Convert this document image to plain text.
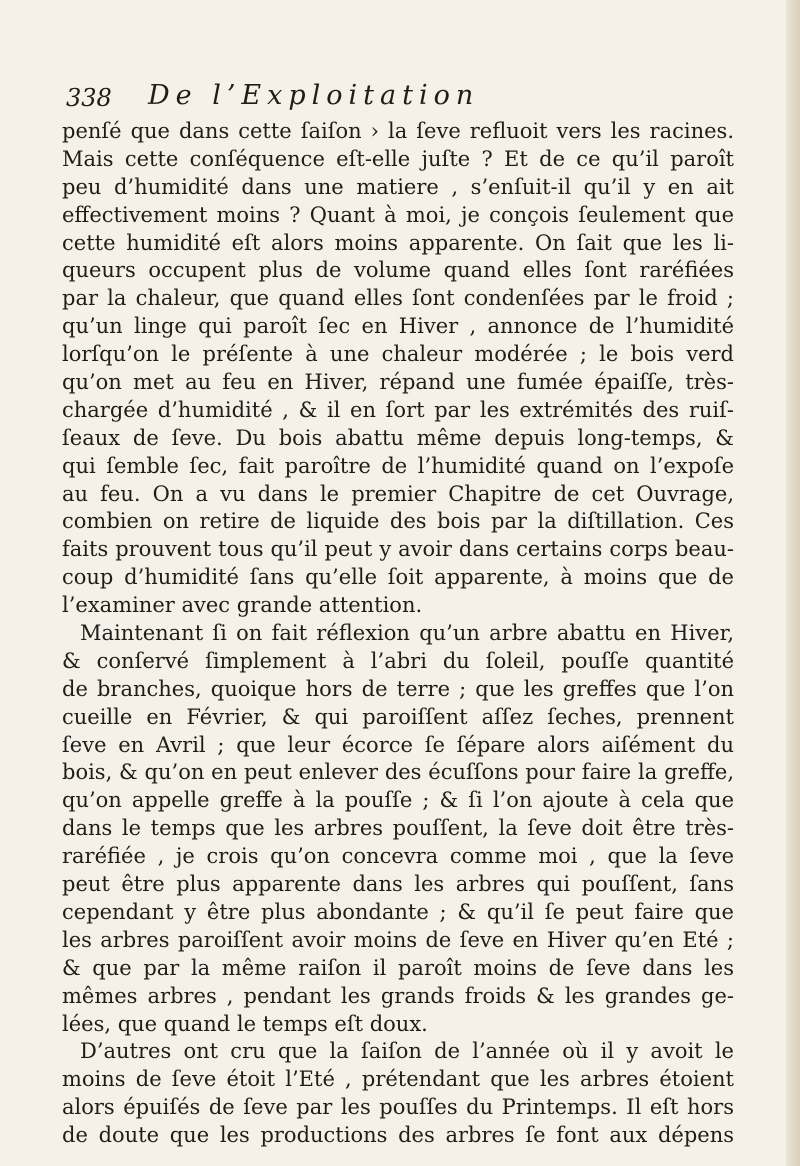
338 De l’Exploitation
penſé que dans cette ſaiſon › la ſeve refluoit vers les racines.
Mais cette conſéquence eſt-elle juſte ? Et de ce qu’il paroît
peu d’humidité dans une matiere , s’enſuit-il qu’il y en ait
effectivement moins ? Quant à moi, je conçois ſeulement que
cette humidité eſt alors moins apparente. On ſait que les li-
queurs occupent plus de volume quand elles ſont raréfiées
par la chaleur, que quand elles ſont condenſées par le froid ;
qu’un linge qui paroît ſec en Hiver , annonce de l’humidité
lorſqu’on le préſente à une chaleur modérée ; le bois verd
qu’on met au feu en Hiver, répand une fumée épaiſſe, très-
chargée d’humidité , & il en ſort par les extrémités des ruiſ-
ſeaux de ſeve. Du bois abattu même depuis long-temps, &
qui ſemble ſec, fait paroître de l’humidité quand on l’expoſe
au feu. On a vu dans le premier Chapitre de cet Ouvrage,
combien on retire de liquide des bois par la diſtillation. Ces
faits prouvent tous qu’il peut y avoir dans certains corps beau-
coup d’humidité ſans qu’elle ſoit apparente, à moins que de
l’examiner avec grande attention.
Maintenant ſi on fait réflexion qu’un arbre abattu en Hiver,
& conſervé ſimplement à l’abri du ſoleil, pouſſe quantité
de branches, quoique hors de terre ; que les greffes que l’on
cueille en Février, & qui paroiſſent aſſez ſeches, prennent
ſeve en Avril ; que leur écorce ſe ſépare alors aiſément du
bois, & qu’on en peut enlever des écuſſons pour faire la greffe,
qu’on appelle greffe à la pouſſe ; & ſi l’on ajoute à cela que
dans le temps que les arbres pouſſent, la ſeve doit être très-
raréfiée , je crois qu’on concevra comme moi , que la ſeve
peut être plus apparente dans les arbres qui pouſſent, ſans
cependant y être plus abondante ; & qu’il ſe peut faire que
les arbres paroiſſent avoir moins de ſeve en Hiver qu’en Eté ;
& que par la même raiſon il paroît moins de ſeve dans les
mêmes arbres , pendant les grands froids & les grandes ge-
lées, que quand le temps eſt doux.
D’autres ont cru que la ſaiſon de l’année où il y avoit le
moins de ſeve étoit l’Eté , prétendant que les arbres étoient
alors épuiſés de ſeve par les pouſſes du Printemps. Il eſt hors
de doute que les productions des arbres ſe font aux dépens
